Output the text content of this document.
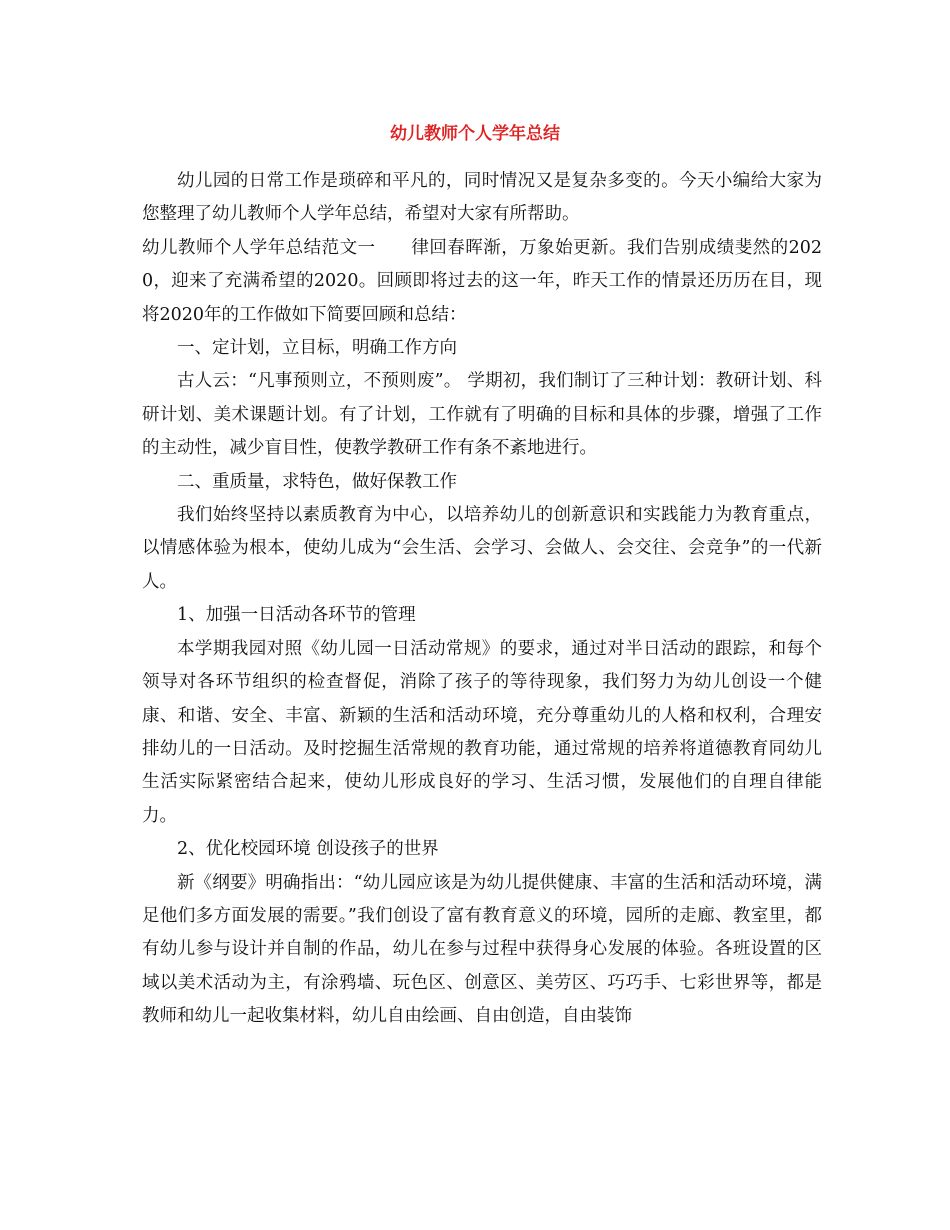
幼儿教师个人学年总结

幼儿园的日常工作是琐碎和平凡的，同时情况又是复杂多变的。今天小编给大家为您整理了幼儿教师个人学年总结，希望对大家有所帮助。

幼儿教师个人学年总结范文一　　律回春晖渐，万象始更新。我们告别成绩斐然的2020，迎来了充满希望的2020。回顾即将过去的这一年，昨天工作的情景还历历在目，现将2020年的工作做如下简要回顾和总结：

一、定计划，立目标，明确工作方向

古人云：“凡事预则立，不预则废”。 学期初，我们制订了三种计划：教研计划、科研计划、美术课题计划。有了计划，工作就有了明确的目标和具体的步骤，增强了工作的主动性，减少盲目性，使教学教研工作有条不紊地进行。

二、重质量，求特色，做好保教工作

我们始终坚持以素质教育为中心，以培养幼儿的创新意识和实践能力为教育重点，以情感体验为根本，使幼儿成为“会生活、会学习、会做人、会交往、会竞争”的一代新人。

1、加强一日活动各环节的管理

本学期我园对照《幼儿园一日活动常规》的要求，通过对半日活动的跟踪，和每个领导对各环节组织的检查督促，消除了孩子的等待现象，我们努力为幼儿创设一个健康、和谐、安全、丰富、新颖的生活和活动环境，充分尊重幼儿的人格和权利，合理安排幼儿的一日活动。及时挖掘生活常规的教育功能，通过常规的培养将道德教育同幼儿生活实际紧密结合起来，使幼儿形成良好的学习、生活习惯，发展他们的自理自律能力。

2、优化校园环境 创设孩子的世界

新《纲要》明确指出：“幼儿园应该是为幼儿提供健康、丰富的生活和活动环境，满足他们多方面发展的需要。”我们创设了富有教育意义的环境，园所的走廊、教室里，都有幼儿参与设计并自制的作品，幼儿在参与过程中获得身心发展的体验。各班设置的区域以美术活动为主，有涂鸦墙、玩色区、创意区、美劳区、巧巧手、七彩世界等，都是教师和幼儿一起收集材料，幼儿自由绘画、自由创造，自由装饰
